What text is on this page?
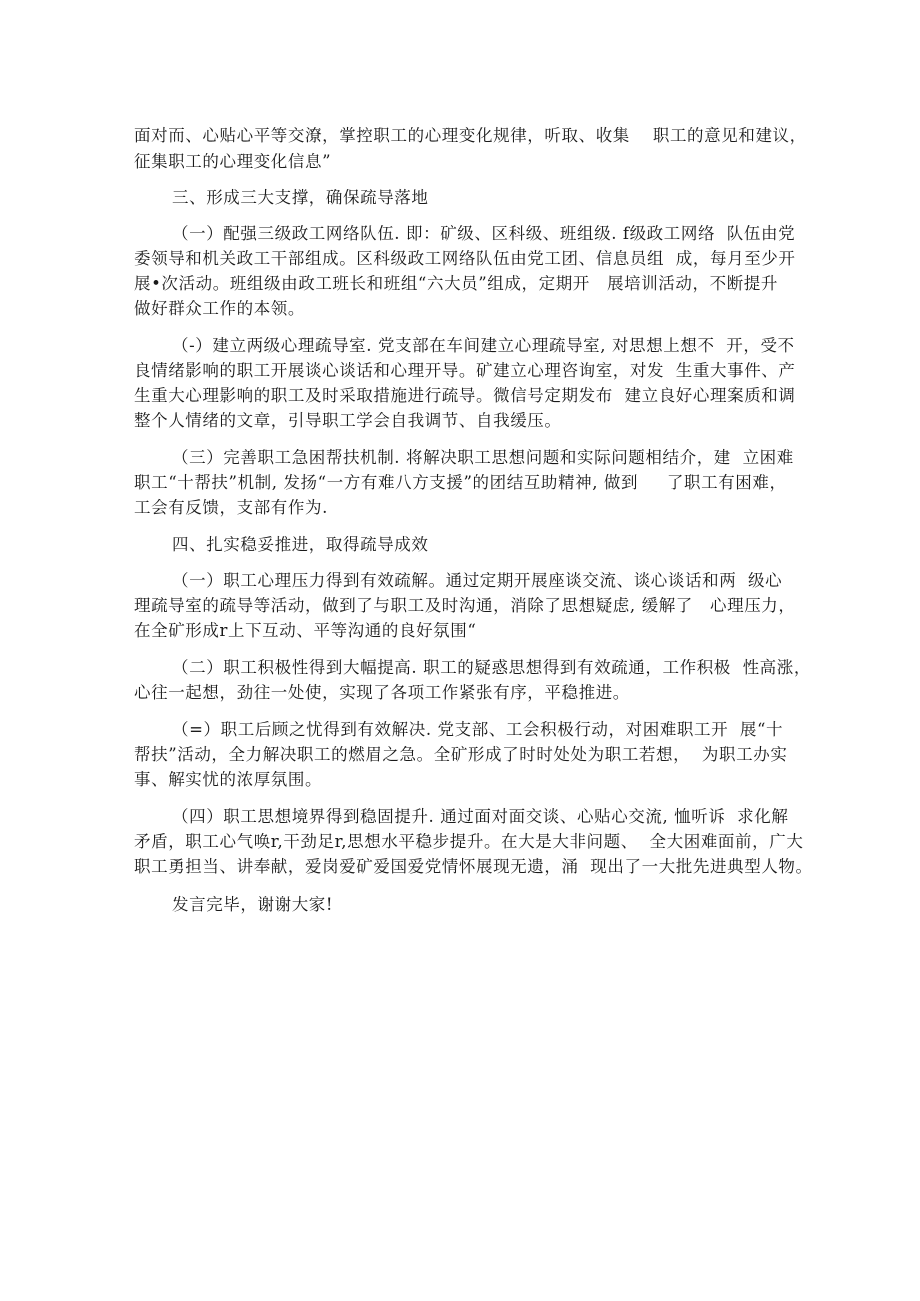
面对而、心贴心平等交潦，掌控职工的心理变化规律，听取、收集　 职工的意见和建议，

征集职工的心理变化信息”

三、形成三大支撑，确保疏导落地

（一）配强三级政工网络队伍. 即：矿级、区科级、班组级. f级政工网络  队伍由党

委领导和机关政工干部组成。区科级政工网络队伍由党工团、信息员组  成，每月至少开

展•次活动。班组级由政工班长和班组“六大员”组成，定期开　展培训活动，不断提升

做好群众工作的本领。

（-）建立两级心理疏导室. 党支部在车间建立心理疏导室, 对思想上想不  开，受不

良情绪影响的职工开展谈心谈话和心理开导。矿建立心理咨询室，对发  生重大事件、产

生重大心理影响的职工及时采取措施进行疏导。微信号定期发布  建立良好心理案质和调

整个人情绪的文章，引导职工学会自我调节、自我缓压。

（三）完善职工急困帮扶机制. 将解决职工思想问题和实际问题相结介，建  立困难

职工“十帮扶”机制, 发扬“一方有难八方支援”的团结互助精神, 做到　  了职工有困难，

工会有反馈，支部有作为.

四、扎实稳妥推进，取得疏导成效

（一）职工心理压力得到有效疏解。通过定期开展座谈交流、谈心谈话和两  级心

理疏导室的疏导等活动，做到了与职工及时沟通，消除了思想疑虑, 缓解了　心理压力，

在全矿形成r上下互动、平等沟通的良好氛围“

（二）职工积极性得到大幅提高. 职工的疑惑思想得到有效疏通，工作积极  性高涨，

心往一起想，劲往一处使，实现了各项工作紧张有序，平稳推进。

（=）职工后顾之忧得到有效解决. 党支部、工会积极行动，对困难职工开  展“十

帮扶”活动，全力解决职工的燃眉之急。全矿形成了时时处处为职工若想，  为职工办实

事、解实忧的浓厚氛围。

（四）职工思想境界得到稳固提升. 通过面对面交谈、心贴心交流, 恤听诉  求化解

矛盾，职工心气唤r,干劲足r,思想水平稳步提升。在大是大非问题、  全大困难面前，广大

职工勇担当、讲奉献，爱岗爱矿爱国爱党情怀展现无遗，涌  现出了一大批先进典型人物。

发言完毕，谢谢大家!
